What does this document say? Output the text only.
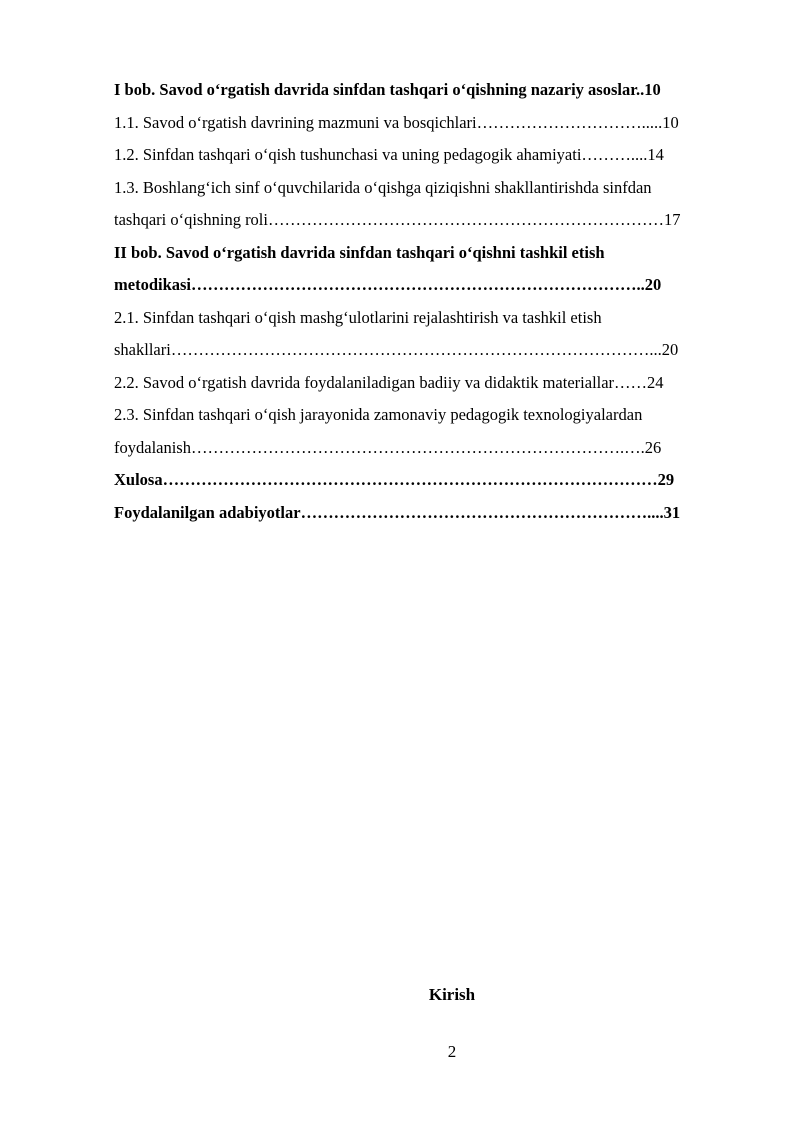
I bob. Savod o‘rgatish davrida sinfdan tashqari o‘qishning nazariy asoslar..10
1.1. Savod o‘rgatish davrining mazmuni va bosqichlari………………………….....10
1.2. Sinfdan tashqari o‘qish tushunchasi va uning pedagogik ahamiyati………....14
1.3. Boshlang‘ich sinf o‘quvchilarida o‘qishga qiziqishni shakllantirishda sinfdan
tashqari o‘qishning roli………………………………………………………………17
II bob. Savod o‘rgatish davrida sinfdan tashqari o‘qishni tashkil etish
metodikasi………………………………………………………………………..20
2.1. Sinfdan tashqari o‘qish mashg‘ulotlarini rejalashtirish va tashkil etish
shakllari……………………………………………………………………………...20
2.2. Savod o‘rgatish davrida foydalaniladigan badiiy va didaktik materiallar……24
2.3. Sinfdan tashqari o‘qish jarayonida zamonaviy pedagogik texnologiyalardan
foydalanish…………………………………………………………………….….26
Xulosa………………………………………………………………………………29
Foydalanilgan adabiyotlar………………………………………………………....31
Kirish
2
